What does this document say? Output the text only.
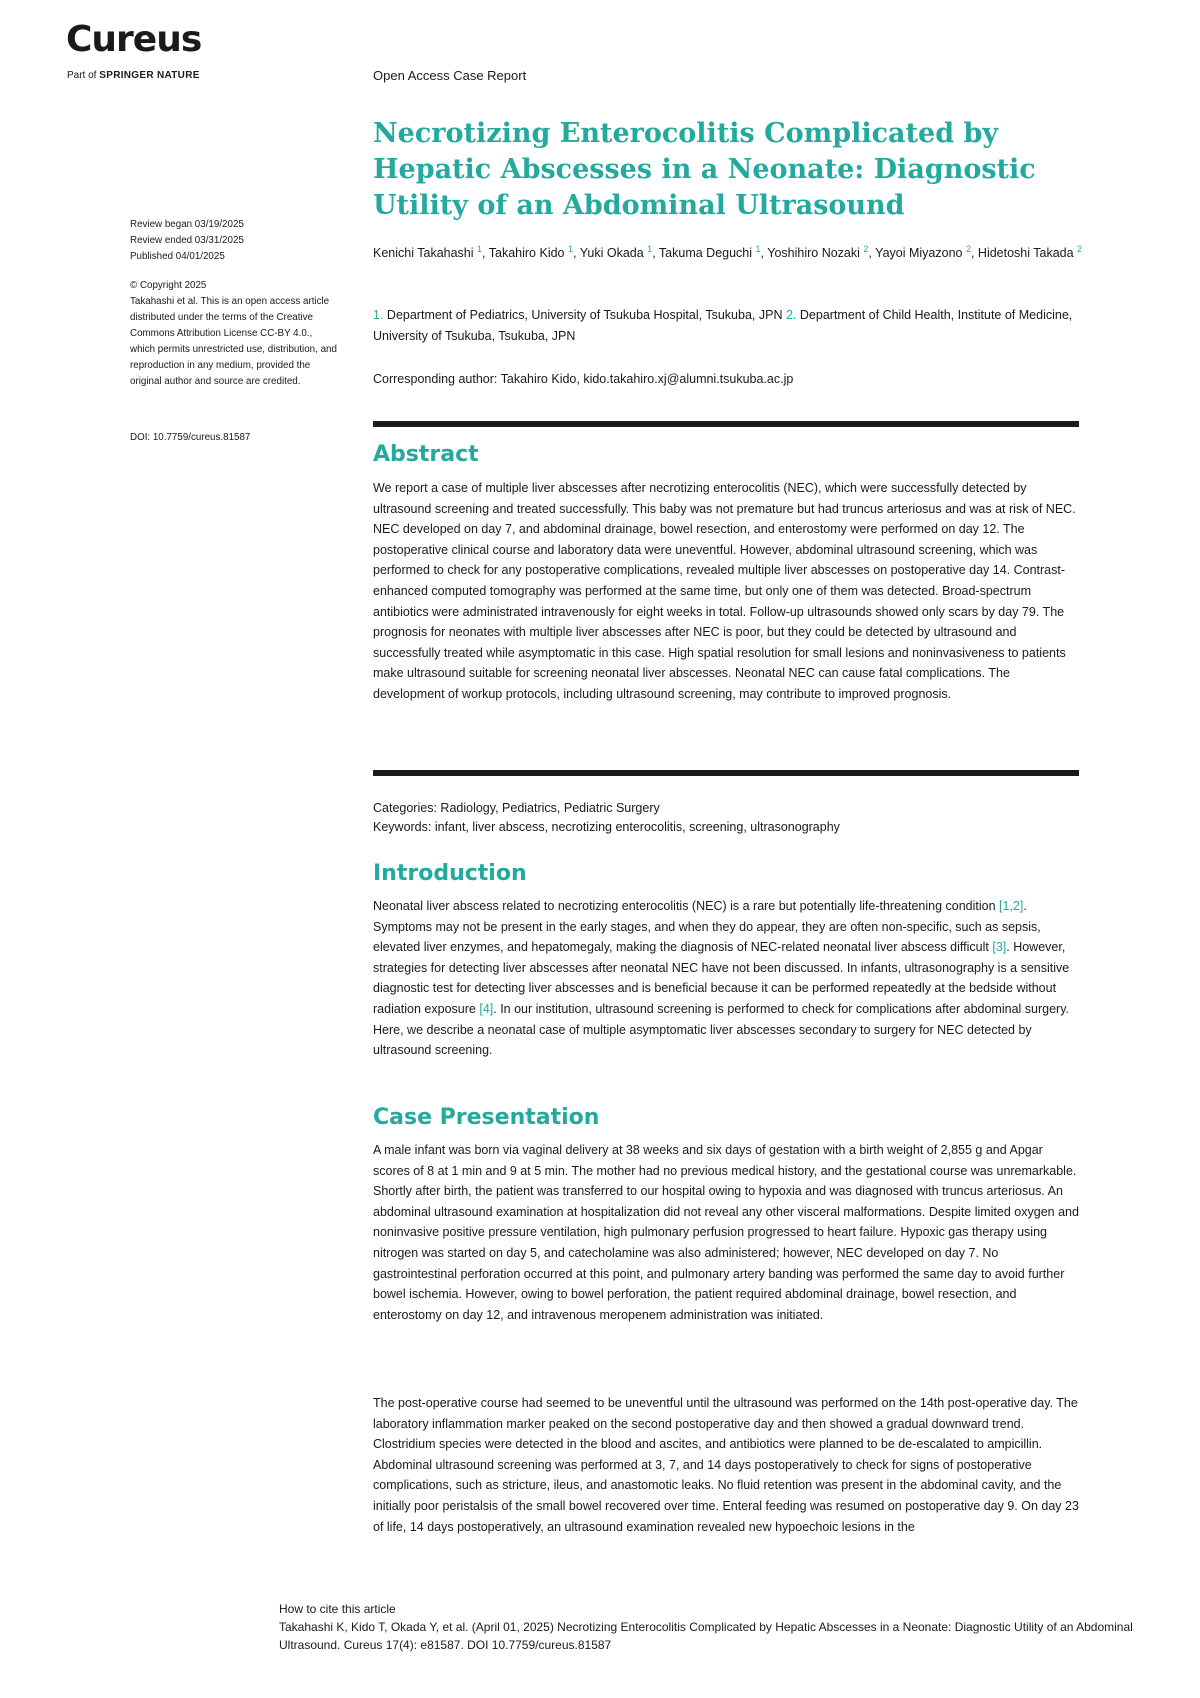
Cureus
Part of SPRINGER NATURE	Open Access Case Report
Necrotizing Enterocolitis Complicated by Hepatic Abscesses in a Neonate: Diagnostic Utility of an Abdominal Ultrasound
Review began 03/19/2025
Review ended 03/31/2025
Published 04/01/2025
© Copyright 2025
Takahashi et al. This is an open access article distributed under the terms of the Creative Commons Attribution License CC-BY 4.0., which permits unrestricted use, distribution, and reproduction in any medium, provided the original author and source are credited.
DOI: 10.7759/cureus.81587
Kenichi Takahashi $^1$, Takahiro Kido $^1$, Yuki Okada $^1$, Takuma Deguchi $^1$, Yoshihiro Nozaki $^2$, Yayoi Miyazono $^2$, Hidetoshi Takada $^2$
1. Department of Pediatrics, University of Tsukuba Hospital, Tsukuba, JPN 2. Department of Child Health, Institute of Medicine, University of Tsukuba, Tsukuba, JPN
Corresponding author: Takahiro Kido, kido.takahiro.xj@alumni.tsukuba.ac.jp
Abstract
We report a case of multiple liver abscesses after necrotizing enterocolitis (NEC), which were successfully detected by ultrasound screening and treated successfully. This baby was not premature but had truncus arteriosus and was at risk of NEC. NEC developed on day 7, and abdominal drainage, bowel resection, and enterostomy were performed on day 12. The postoperative clinical course and laboratory data were uneventful. However, abdominal ultrasound screening, which was performed to check for any postoperative complications, revealed multiple liver abscesses on postoperative day 14. Contrast-enhanced computed tomography was performed at the same time, but only one of them was detected. Broad-spectrum antibiotics were administrated intravenously for eight weeks in total. Follow-up ultrasounds showed only scars by day 79. The prognosis for neonates with multiple liver abscesses after NEC is poor, but they could be detected by ultrasound and successfully treated while asymptomatic in this case. High spatial resolution for small lesions and noninvasiveness to patients make ultrasound suitable for screening neonatal liver abscesses. Neonatal NEC can cause fatal complications. The development of workup protocols, including ultrasound screening, may contribute to improved prognosis.
Categories: Radiology, Pediatrics, Pediatric Surgery
Keywords: infant, liver abscess, necrotizing enterocolitis, screening, ultrasonography
Introduction
Neonatal liver abscess related to necrotizing enterocolitis (NEC) is a rare but potentially life-threatening condition [1,2]. Symptoms may not be present in the early stages, and when they do appear, they are often non-specific, such as sepsis, elevated liver enzymes, and hepatomegaly, making the diagnosis of NEC-related neonatal liver abscess difficult [3]. However, strategies for detecting liver abscesses after neonatal NEC have not been discussed. In infants, ultrasonography is a sensitive diagnostic test for detecting liver abscesses and is beneficial because it can be performed repeatedly at the bedside without radiation exposure [4]. In our institution, ultrasound screening is performed to check for complications after abdominal surgery. Here, we describe a neonatal case of multiple asymptomatic liver abscesses secondary to surgery for NEC detected by ultrasound screening.
Case Presentation
A male infant was born via vaginal delivery at 38 weeks and six days of gestation with a birth weight of 2,855 g and Apgar scores of 8 at 1 min and 9 at 5 min. The mother had no previous medical history, and the gestational course was unremarkable. Shortly after birth, the patient was transferred to our hospital owing to hypoxia and was diagnosed with truncus arteriosus. An abdominal ultrasound examination at hospitalization did not reveal any other visceral malformations. Despite limited oxygen and noninvasive positive pressure ventilation, high pulmonary perfusion progressed to heart failure. Hypoxic gas therapy using nitrogen was started on day 5, and catecholamine was also administered; however, NEC developed on day 7. No gastrointestinal perforation occurred at this point, and pulmonary artery banding was performed the same day to avoid further bowel ischemia. However, owing to bowel perforation, the patient required abdominal drainage, bowel resection, and enterostomy on day 12, and intravenous meropenem administration was initiated.
The post-operative course had seemed to be uneventful until the ultrasound was performed on the 14th post-operative day. The laboratory inflammation marker peaked on the second postoperative day and then showed a gradual downward trend. Clostridium species were detected in the blood and ascites, and antibiotics were planned to be de-escalated to ampicillin. Abdominal ultrasound screening was performed at 3, 7, and 14 days postoperatively to check for signs of postoperative complications, such as stricture, ileus, and anastomotic leaks. No fluid retention was present in the abdominal cavity, and the initially poor peristalsis of the small bowel recovered over time. Enteral feeding was resumed on postoperative day 9. On day 23 of life, 14 days postoperatively, an ultrasound examination revealed new hypoechoic lesions in the
How to cite this article
Takahashi K, Kido T, Okada Y, et al. (April 01, 2025) Necrotizing Enterocolitis Complicated by Hepatic Abscesses in a Neonate: Diagnostic Utility of an Abdominal Ultrasound. Cureus 17(4): e81587. DOI 10.7759/cureus.81587
